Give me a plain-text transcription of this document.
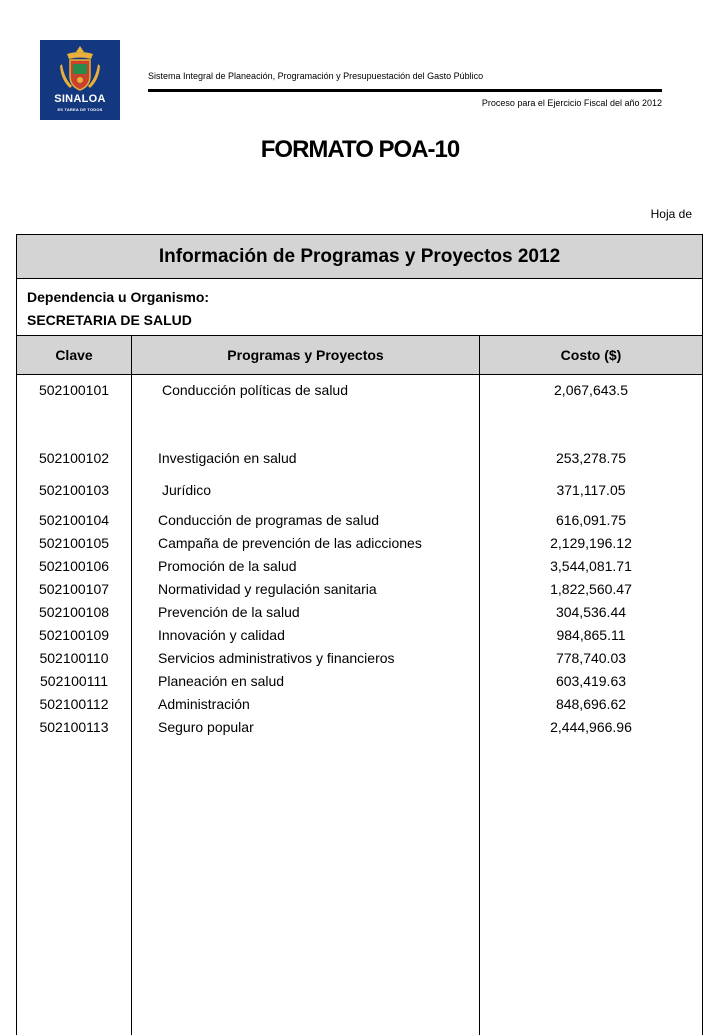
SINALOA
ES TAREA DE TODOS
Sistema Integral de Planeación, Programación y Presupuestación del Gasto Público
Proceso para el Ejercicio Fiscal del año 2012
FORMATO POA-10
Hoja de
Información de Programas y Proyectos 2012
Dependencia u Organismo:
SECRETARIA DE SALUD
Clave	Programas y Proyectos	Costo ($)
502100101	Conducción políticas de salud	2,067,643.5
502100102	Investigación en salud	253,278.75
502100103	Jurídico	371,117.05
502100104	Conducción de programas de salud	616,091.75
502100105	Campaña de prevención de las adicciones	2,129,196.12
502100106	Promoción de la salud	3,544,081.71
502100107	Normatividad y regulación sanitaria	1,822,560.47
502100108	Prevención de la salud	304,536.44
502100109	Innovación y calidad	984,865.11
502100110	Servicios administrativos y financieros	778,740.03
502100111	Planeación en salud	603,419.63
502100112	Administración	848,696.62
502100113	Seguro popular	2,444,966.96
